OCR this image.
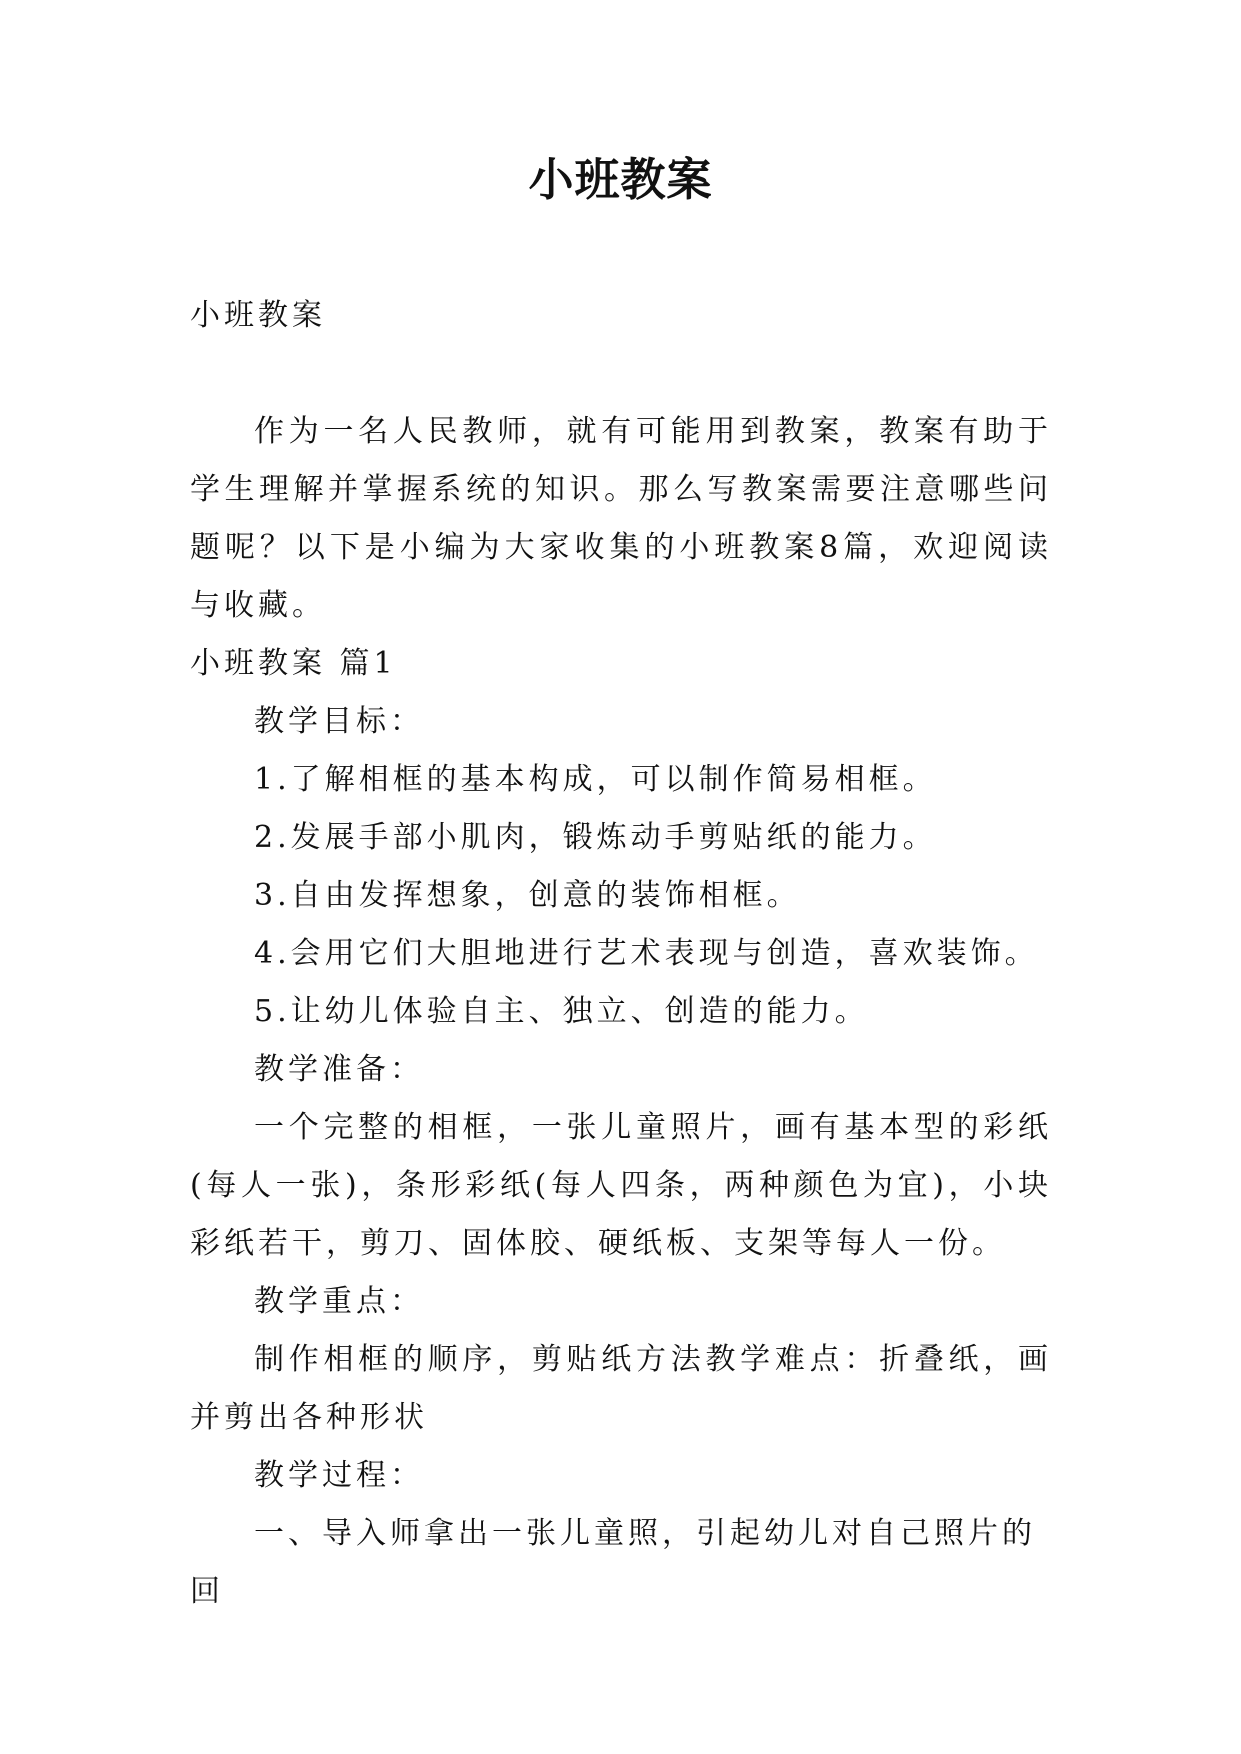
小班教案

小班教案

作为一名人民教师，就有可能用到教案，教案有助于学生理解并掌握系统的知识。那么写教案需要注意哪些问题呢？以下是小编为大家收集的小班教案8篇，欢迎阅读与收藏。

小班教案 篇1

教学目标：

1.了解相框的基本构成，可以制作简易相框。

2.发展手部小肌肉，锻炼动手剪贴纸的能力。

3.自由发挥想象，创意的装饰相框。

4.会用它们大胆地进行艺术表现与创造，喜欢装饰。

5.让幼儿体验自主、独立、创造的能力。

教学准备：

一个完整的相框，一张儿童照片，画有基本型的彩纸(每人一张)，条形彩纸(每人四条，两种颜色为宜)，小块彩纸若干，剪刀、固体胶、硬纸板、支架等每人一份。

教学重点：

制作相框的顺序，剪贴纸方法教学难点：折叠纸，画并剪出各种形状

教学过程：

一、导入师拿出一张儿童照，引起幼儿对自己照片的回
